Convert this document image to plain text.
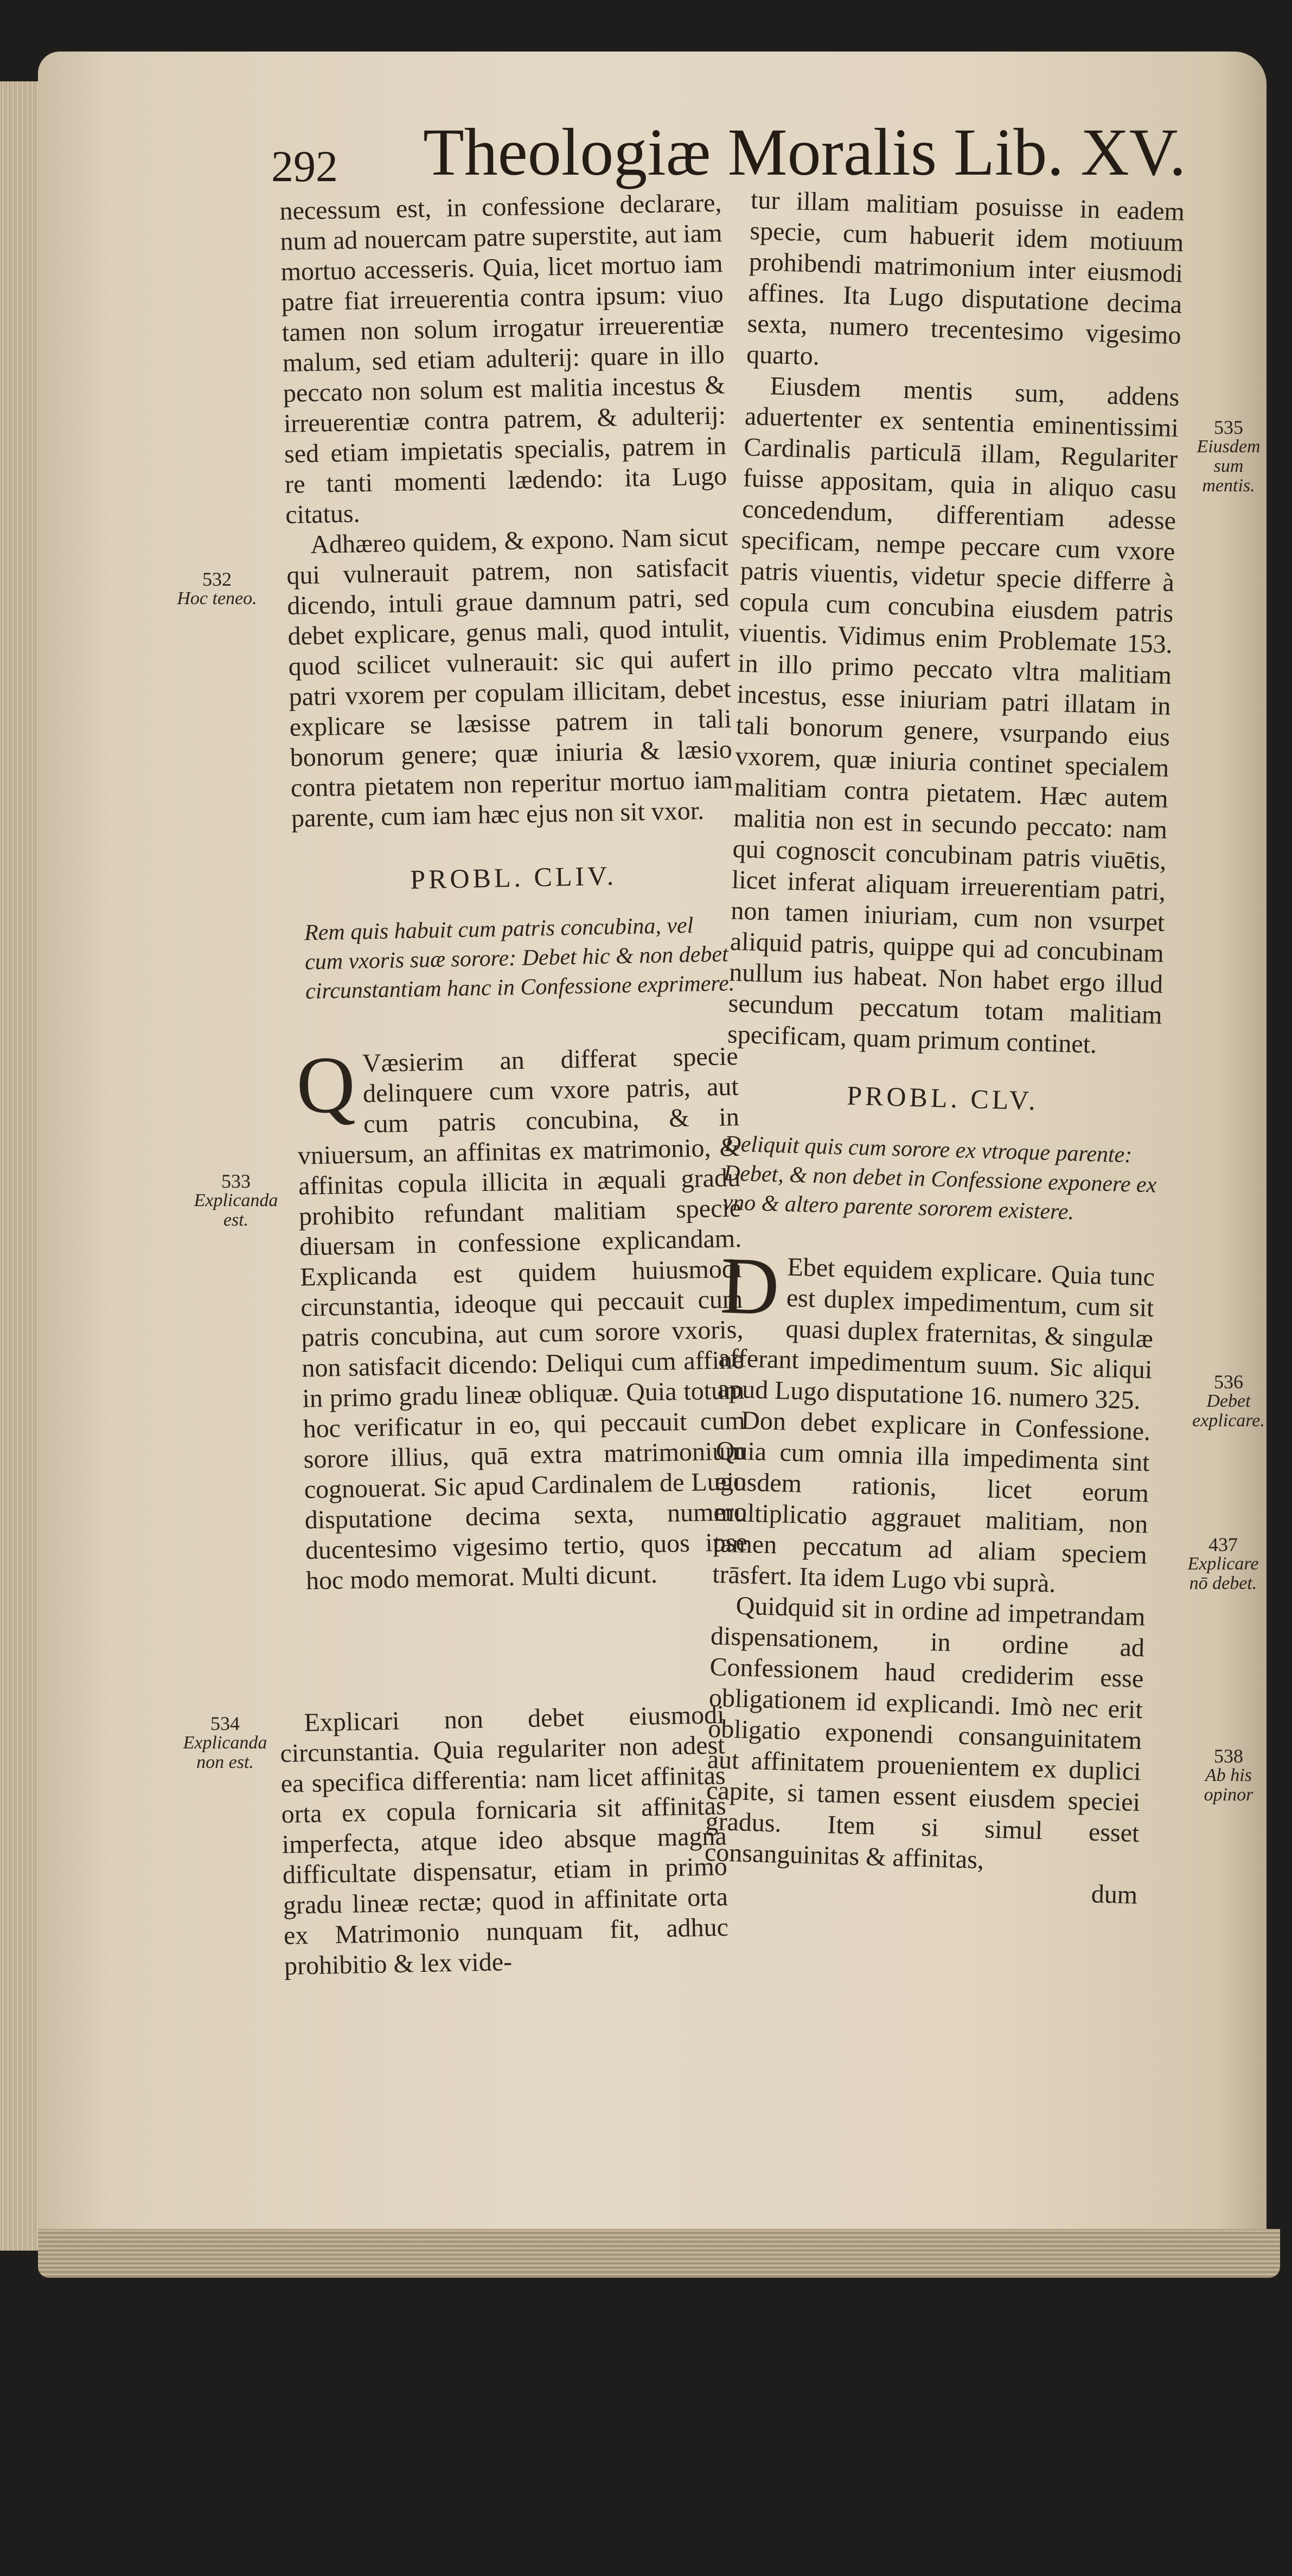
292 Theologiæ Moralis Lib. XV.

necessum est, in confessione declarare, num ad nouercam patre superstite, aut iam mortuo accesseris. Quia, licet mortuo iam patre fiat irreuerentia contra ipsum: viuo tamen non solum irrogatur irreuerentiæ malum, sed etiam adulterij: quare in illo peccato non solum est malitia incestus & irreuerentiæ contra patrem, & adulterij: sed etiam impietatis specialis, patrem in re tanti momenti lædendo: ita Lugo citatus.

Adhæreo quidem, & expono. Nam sicut qui vulnerauit patrem, non satisfacit dicendo, intuli graue damnum patri, sed debet explicare, genus mali, quod intulit, quod scilicet vulnerauit: sic qui aufert patri vxorem per copulam illicitam, debet explicare se læsisse patrem in tali bonorum genere; quæ iniuria & læsio contra pietatem non reperitur mortuo iam parente, cum iam hæc ejus non sit vxor.

PROBL. CLIV.
Rem quis habuit cum patris concubina, vel cum vxoris suæ sorore: Debet hic & non debet circunstantiam hanc in Confessione exprimere.

Q Væsierim an differat specie delinquere cum vxore patris, aut cum patris concubina, & in vniuersum, an affinitas ex matrimonio, & affinitas copula illicita in æquali gradu prohibito refundant malitiam specie diuersam in confessione explicandam. Explicanda est quidem huiusmodi circunstantia, ideoque qui peccauit cum patris concubina, aut cum sorore vxoris, non satisfacit dicendo: Deliqui cum affine in primo gradu lineæ obliquæ. Quia totum hoc verificatur in eo, qui peccauit cum sorore illius, quā extra matrimonium cognouerat. Sic apud Cardinalem de Lugo disputatione decima sexta, numero ducentesimo vigesimo tertio, quos ipse hoc modo memorat. Multi dicunt.

Explicari non debet eiusmodi circunstantia. Quia regulariter non adest ea specifica differentia: nam licet affinitas orta ex copula fornicaria sit affinitas imperfecta, atque ideo absque magna difficultate dispensatur, etiam in primo gradu lineæ rectæ; quod in affinitate orta ex Matrimonio nunquam fit, adhuc prohibitio & lex vide-

tur illam malitiam posuisse in eadem specie, cum habuerit idem motiuum prohibendi matrimonium inter eiusmodi affines. Ita Lugo disputatione decima sexta, numero trecentesimo vigesimo quarto.

Eiusdem mentis sum, addens aduertenter ex sententia eminentissimi Cardinalis particulā illam, Regulariter fuisse appositam, quia in aliquo casu concedendum, differentiam adesse specificam, nempe peccare cum vxore patris viuentis, videtur specie differre à copula cum concubina eiusdem patris viuentis. Vidimus enim Problemate 153. in illo primo peccato vltra malitiam incestus, esse iniuriam patri illatam in tali bonorum genere, vsurpando eius vxorem, quæ iniuria continet specialem malitiam contra pietatem. Hæc autem malitia non est in secundo peccato: nam qui cognoscit concubinam patris viuētis, licet inferat aliquam irreuerentiam patri, non tamen iniuriam, cum non vsurpet aliquid patris, quippe qui ad concubinam nullum ius habeat. Non habet ergo illud secundum peccatum totam malitiam specificam, quam primum continet.

PROBL. CLV.
Deliquit quis cum sorore ex vtroque parente: Debet, & non debet in Confessione exponere ex vno & altero parente sororem existere.

D Ebet equidem explicare. Quia tunc est duplex impedimentum, cum sit quasi duplex fraternitas, & singulæ afferant impedimentum suum. Sic aliqui apud Lugo disputatione 16. numero 325.

Don debet explicare in Confessione. Quia cum omnia illa impedimenta sint eiusdem rationis, licet eorum multiplicatio aggrauet malitiam, non tamen peccatum ad aliam speciem trāsfert. Ita idem Lugo vbi suprà.

Quidquid sit in ordine ad impetrandam dispensationem, in ordine ad Confessionem haud crediderim esse obligationem id explicandi. Imò nec erit obligatio exponendi consanguinitatem aut affinitatem prouenientem ex duplici capite, si tamen essent eiusdem speciei gradus. Item si simul esset consanguinitas & affinitas,

dum
532
Hoc teneo.
533
Explicanda est.
534
Explicanda non est.
535
Eiusdem sum mentis.
536
Debet explicare.
437
Explicare nō debet.
538
Ab his opinor
